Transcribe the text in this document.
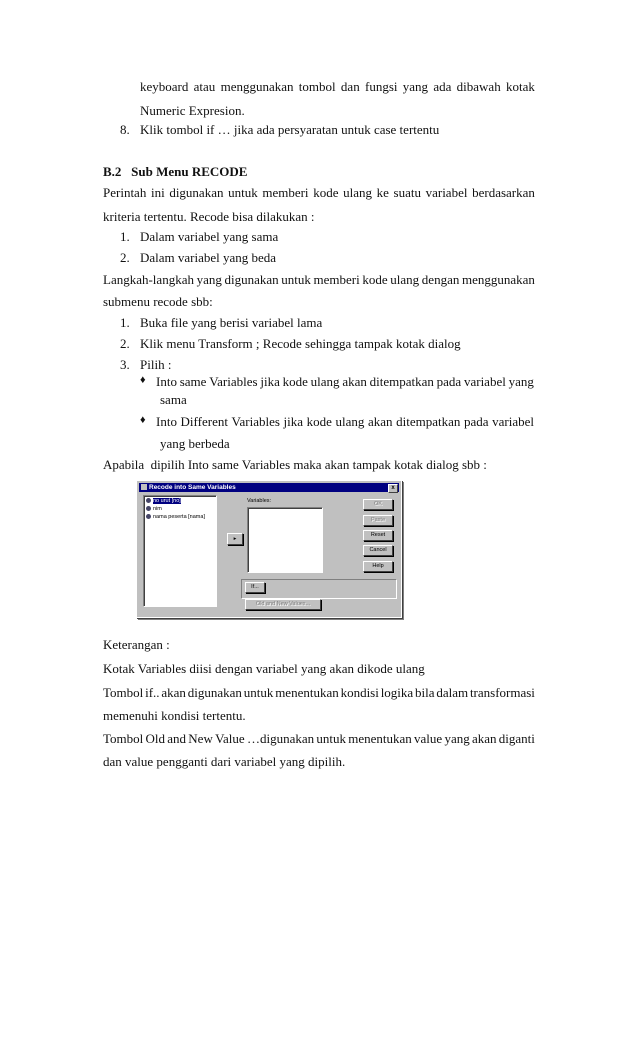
keyboard atau menggunakan tombol dan fungsi yang ada dibawah kotak
Numeric Expresion.
8. Klik tombol if … jika ada persyaratan untuk case tertentu
B.2   Sub Menu RECODE
Perintah ini digunakan untuk memberi kode ulang ke suatu variabel berdasarkan
kriteria tertentu. Recode bisa dilakukan :
1. Dalam variabel yang sama
2. Dalam variabel yang beda
Langkah-langkah yang digunakan untuk memberi kode ulang dengan menggunakan
submenu recode sbb:
1. Buka file yang berisi variabel lama
2. Klik menu Transform ; Recode sehingga tampak kotak dialog
3. Pilih :
♦ Into same Variables jika kode ulang akan ditempatkan pada variabel yang
sama
♦ Into Different Variables jika kode ulang akan ditempatkan pada variabel
yang berbeda
Apabila  dipilih Into same Variables maka akan tampak kotak dialog sbb :
Recode into Same Variables	x
no urut [no]
nim
nama peserta [nama]
Variables:
▸
OK
Paste
Reset
Cancel
Help
If...
Old and New Values...
Keterangan :
Kotak Variables diisi dengan variabel yang akan dikode ulang
Tombol if.. akan digunakan untuk menentukan kondisi logika bila dalam transformasi
memenuhi kondisi tertentu.
Tombol Old and New Value …digunakan untuk menentukan value yang akan diganti
dan value pengganti dari variabel yang dipilih.
